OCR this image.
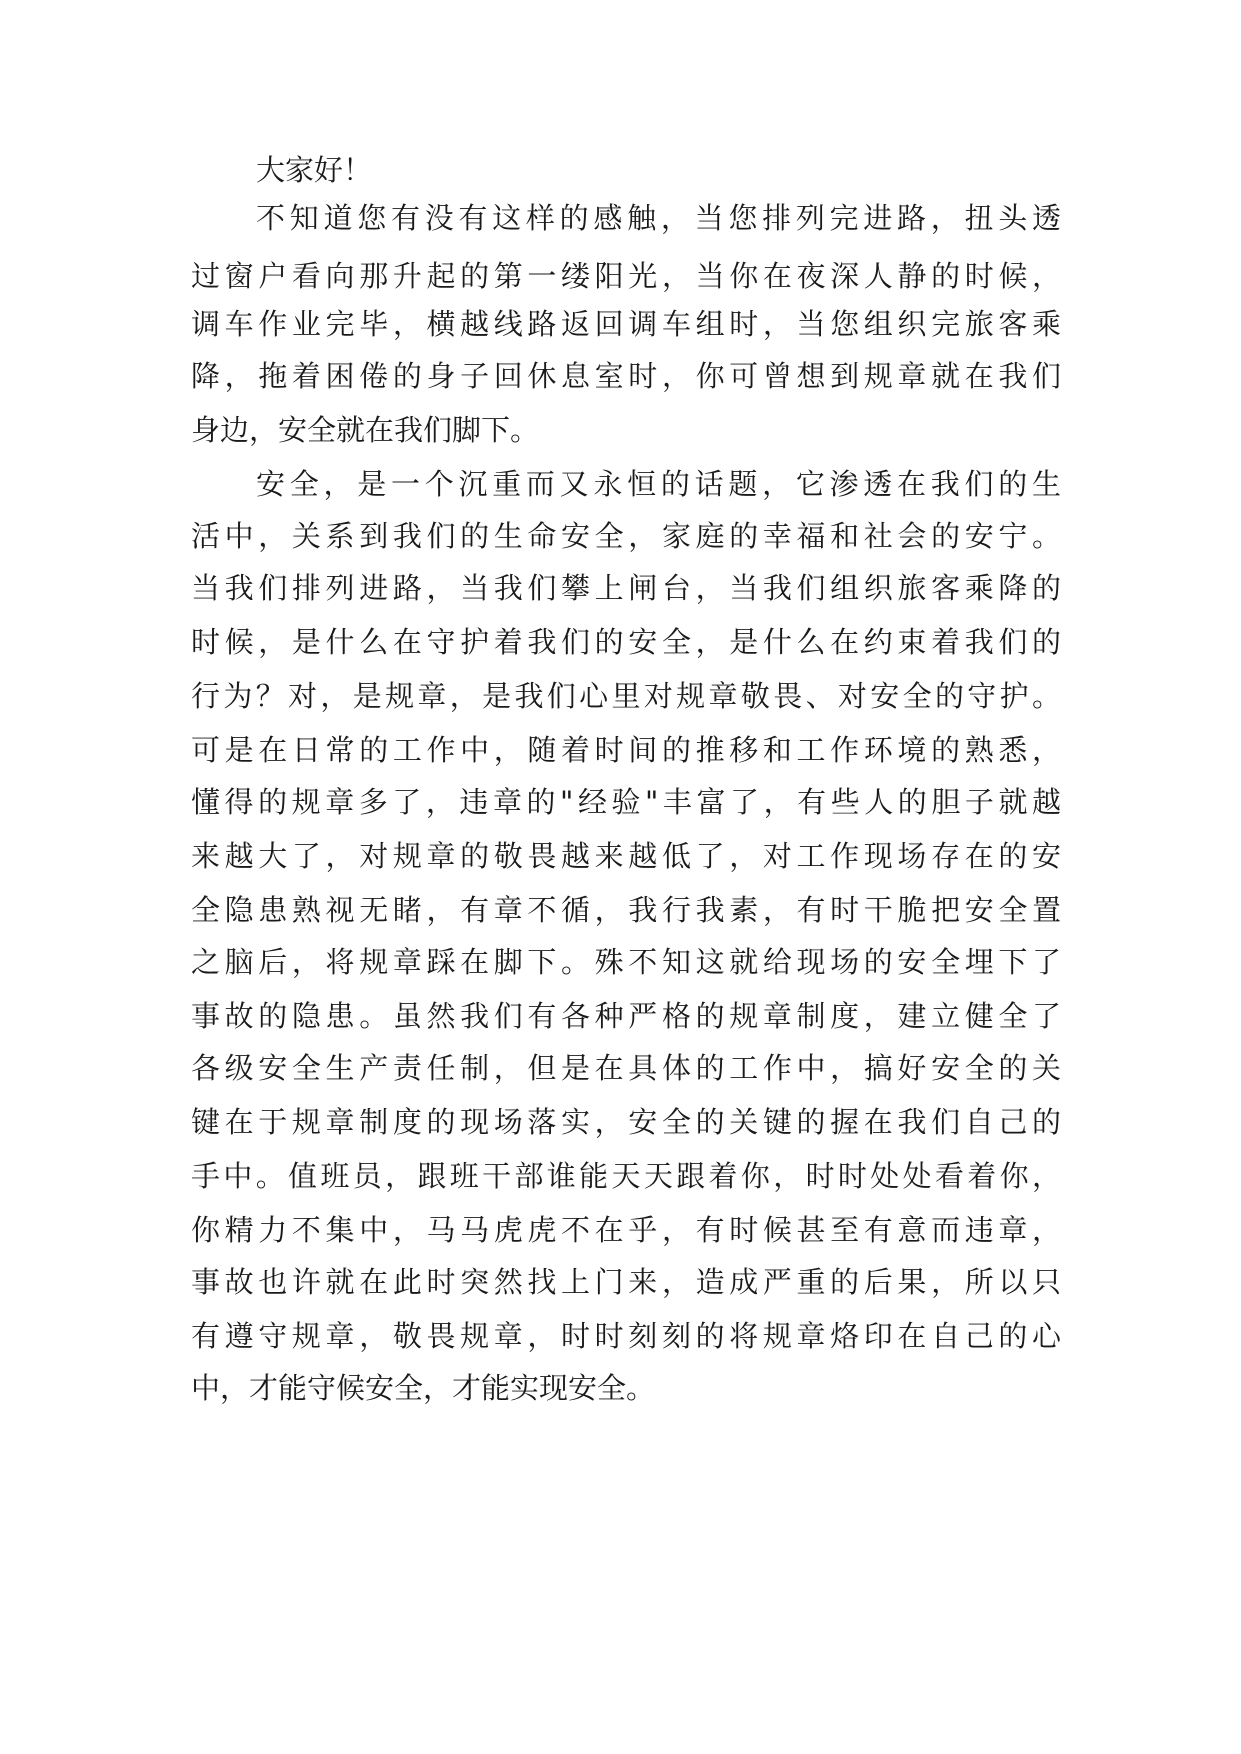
大家好！
不知道您有没有这样的感触，当您排列完进路，扭头透
过窗户看向那升起的第一缕阳光，当你在夜深人静的时候，
调车作业完毕，横越线路返回调车组时，当您组织完旅客乘
降，拖着困倦的身子回休息室时，你可曾想到规章就在我们
身边，安全就在我们脚下。
安全，是一个沉重而又永恒的话题，它渗透在我们的生
活中，关系到我们的生命安全，家庭的幸福和社会的安宁。
当我们排列进路，当我们攀上闸台，当我们组织旅客乘降的
时候，是什么在守护着我们的安全，是什么在约束着我们的
行为？对，是规章，是我们心里对规章敬畏、对安全的守护。
可是在日常的工作中，随着时间的推移和工作环境的熟悉，
懂得的规章多了，违章的"经验"丰富了，有些人的胆子就越
来越大了，对规章的敬畏越来越低了，对工作现场存在的安
全隐患熟视无睹，有章不循，我行我素，有时干脆把安全置
之脑后，将规章踩在脚下。殊不知这就给现场的安全埋下了
事故的隐患。虽然我们有各种严格的规章制度，建立健全了
各级安全生产责任制，但是在具体的工作中，搞好安全的关
键在于规章制度的现场落实，安全的关键的握在我们自己的
手中。值班员，跟班干部谁能天天跟着你，时时处处看着你，
你精力不集中，马马虎虎不在乎，有时候甚至有意而违章，
事故也许就在此时突然找上门来，造成严重的后果，所以只
有遵守规章，敬畏规章，时时刻刻的将规章烙印在自己的心
中，才能守候安全，才能实现安全。
